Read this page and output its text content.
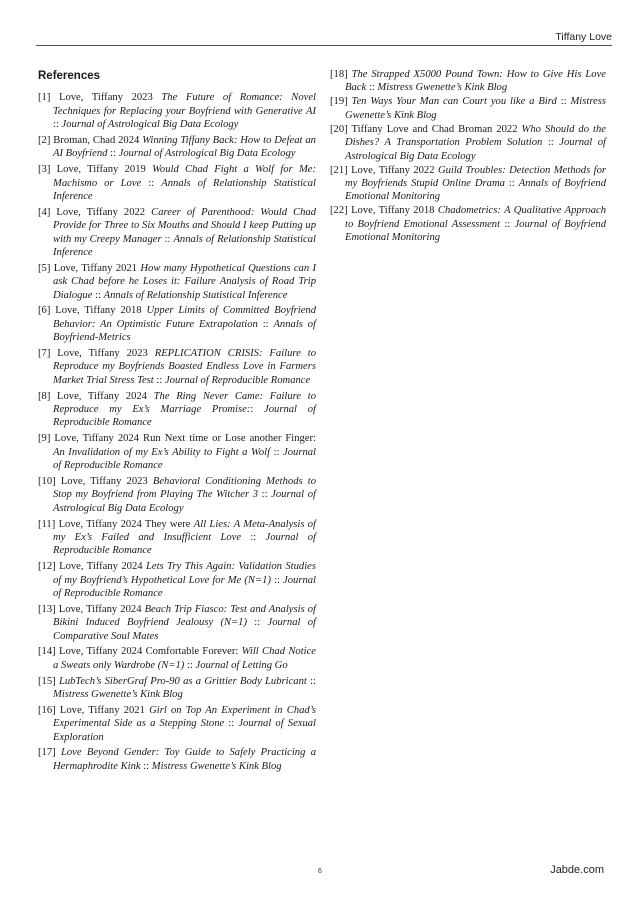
Tiffany Love
References
[1] Love, Tiffany 2023 The Future of Romance: Novel Techniques for Replacing your Boyfriend with Generative AI :: Journal of Astrological Big Data Ecology
[2] Broman, Chad 2024 Winning Tiffany Back: How to Defeat an AI Boyfriend :: Journal of Astrological Big Data Ecology
[3] Love, Tiffany 2019 Would Chad Fight a Wolf for Me: Machismo or Love :: Annals of Relationship Statistical Inference
[4] Love, Tiffany 2022 Career of Parenthood: Would Chad Provide for Three to Six Mouths and Should I keep Putting up with my Creepy Manager :: Annals of Relationship Statistical Inference
[5] Love, Tiffany 2021 How many Hypothetical Questions can I ask Chad before he Loses it: Failure Analysis of Road Trip Dialogue :: Annals of Relationship Statistical Inference
[6] Love, Tiffany 2018 Upper Limits of Committed Boyfriend Behavior: An Optimistic Future Extrapolation :: Annals of Boyfriend-Metrics
[7] Love, Tiffany 2023 REPLICATION CRISIS: Failure to Reproduce my Boyfriends Boasted Endless Love in Farmers Market Trial Stress Test :: Journal of Reproducible Romance
[8] Love, Tiffany 2024 The Ring Never Came: Failure to Reproduce my Ex’s Marriage Promise:: Journal of Reproducible Romance
[9] Love, Tiffany 2024 Run Next time or Lose another Finger: An Invalidation of my Ex’s Ability to Fight a Wolf :: Journal of Reproducible Romance
[10] Love, Tiffany 2023 Behavioral Conditioning Methods to Stop my Boyfriend from Playing The Witcher 3 :: Journal of Astrological Big Data Ecology
[11] Love, Tiffany 2024 They were All Lies: A Meta-Analysis of my Ex’s Failed and Insufficient Love :: Journal of Reproducible Romance
[12] Love, Tiffany 2024 Lets Try This Again: Validation Studies of my Boyfriend’s Hypothetical Love for Me (N=1) :: Journal of Reproducible Romance
[13] Love, Tiffany 2024 Beach Trip Fiasco: Test and Analysis of Bikini Induced Boyfriend Jealousy (N=1) :: Journal of Comparative Soul Mates
[14] Love, Tiffany 2024 Comfortable Forever: Will Chad Notice a Sweats only Wardrobe (N=1) :: Journal of Letting Go
[15] LubTech’s SiberGraf Pro-90 as a Grittier Body Lubricant :: Mistress Gwenette’s Kink Blog
[16] Love, Tiffany 2021 Girl on Top An Experiment in Chad’s Experimental Side as a Stepping Stone :: Journal of Sexual Exploration
[17] Love Beyond Gender: Toy Guide to Safely Practicing a Hermaphrodite Kink :: Mistress Gwenette’s Kink Blog
[18] The Strapped X5000 Pound Town: How to Give His Love Back :: Mistress Gwenette’s Kink Blog
[19] Ten Ways Your Man can Court you like a Bird :: Mistress Gwenette’s Kink Blog
[20] Tiffany Love and Chad Broman 2022 Who Should do the Dishes? A Transportation Problem Solution :: Journal of Astrological Big Data Ecology
[21] Love, Tiffany 2022 Guild Troubles: Detection Methods for my Boyfriends Stupid Online Drama :: Annals of Boyfriend Emotional Monitoring
[22] Love, Tiffany 2018 Chadometrics: A Qualitative Approach to Boyfriend Emotional Assessment :: Journal of Boyfriend Emotional Monitoring
6	Jabde.com
